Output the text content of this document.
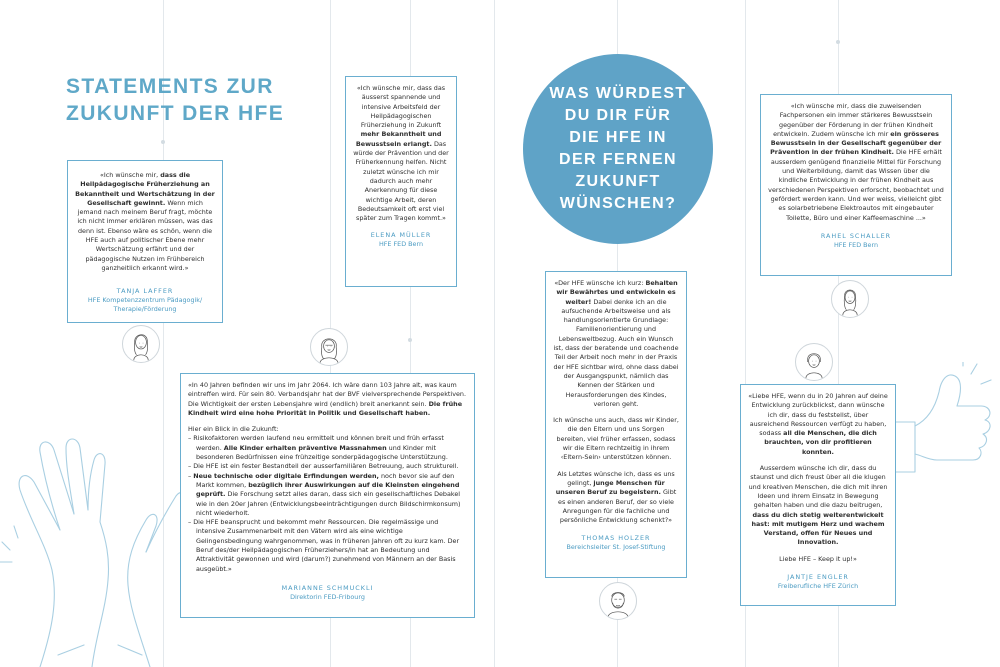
STATEMENTS ZUR ZUKUNFT DER HFE
WAS WÜRDEST DU DIR FÜR DIE HFE IN DER FERNEN ZUKUNFT WÜNSCHEN?

«Ich wünsche mir, dass die Heilpädagogische Früherziehung an Bekanntheit und Wertschätzung in der Gesellschaft gewinnt. Wenn mich jemand nach meinem Beruf fragt, möchte ich nicht immer erklären müssen, was das denn ist. Ebenso wäre es schön, wenn die HFE auch auf politischer Ebene mehr Wertschätzung erfährt und der pädagogische Nutzen im Frühbereich ganzheitlich erkannt wird.»

TANJA LAFFER
HFE Kompetenzzentrum Pädagogik/ Therapie/Förderung

«Ich wünsche mir, dass das äusserst spannende und intensive Arbeitsfeld der Heilpädagogischen Früherziehung in Zukunft mehr Bekanntheit und Bewusstsein erlangt. Das würde der Prävention und der Früherkennung helfen. Nicht zuletzt wünsche ich mir dadurch auch mehr Anerkennung für diese wichtige Arbeit, deren Bedeutsamkeit oft erst viel später zum Tragen kommt.»

ELENA MÜLLER
HFE FED Bern

«Ich wünsche mir, dass die zuweisenden Fachpersonen ein immer stärkeres Bewusstsein gegenüber der Förderung in der frühen Kindheit entwickeln. Zudem wünsche ich mir ein grösseres Bewusstsein in der Gesellschaft gegenüber der Prävention in der frühen Kindheit. Die HFE erhält ausserdem genügend finanzielle Mittel für Forschung und Weiterbildung, damit das Wissen über die kindliche Entwicklung in der frühen Kindheit aus verschiedenen Perspektiven erforscht, beobachtet und gefördert werden kann. Und wer weiss, vielleicht gibt es solarbetriebene Elektroautos mit eingebauter Toilette, Büro und einer Kaffeemaschine ...»

RAHEL SCHALLER
HFE FED Bern

«Der HFE wünsche ich kurz: Behalten wir Bewährtes und entwickeln es weiter! Dabei denke ich an die aufsuchende Arbeitsweise und als handlungsorientierte Grundlage: Familienorientierung und Lebensweltbezug. Auch ein Wunsch ist, dass der beratende und coachende Teil der Arbeit noch mehr in der Praxis der HFE sichtbar wird, ohne dass dabei der Ausgangspunkt, nämlich das Kennen der Stärken und Herausforderungen des Kindes, verloren geht.

Ich wünsche uns auch, dass wir Kinder, die den Eltern und uns Sorgen bereiten, viel früher erfassen, sodass wir die Eltern rechtzeitig in ihrem ‹Eltern-Sein› unterstützen können.

Als Letztes wünsche ich, dass es uns gelingt, junge Menschen für unseren Beruf zu begeistern. Gibt es einen anderen Beruf, der so viele Anregungen für die fachliche und persönliche Entwicklung schenkt?»

THOMAS HOLZER
Bereichsleiter St. Josef-Stiftung

«In 40 Jahren befinden wir uns im Jahr 2064. Ich wäre dann 103 Jahre alt, was kaum eintreffen wird. Für sein 80. Verbandsjahr hat der BVF vielversprechende Perspektiven. Die Wichtigkeit der ersten Lebensjahre wird (endlich) breit anerkannt sein. Die frühe Kindheit wird eine hohe Priorität in Politik und Gesellschaft haben.

Hier ein Blick in die Zukunft:

– Risikofaktoren werden laufend neu ermittelt und können breit und früh erfasst werden. Alle Kinder erhalten präventive Massnahmen und Kinder mit besonderen Bedürfnissen eine frühzeitige sonderpädagogische Unterstützung.
– Die HFE ist ein fester Bestandteil der ausserfamiliären Betreuung, auch strukturell.
– Neue technische oder digitale Erfindungen werden, noch bevor sie auf den Markt kommen, bezüglich ihrer Auswirkungen auf die Kleinsten eingehend geprüft. Die Forschung setzt alles daran, dass sich ein gesellschaftliches Debakel wie in den 20er Jahren (Entwicklungsbeeinträchtigungen durch Bildschirmkonsum) nicht wiederholt.
– Die HFE beansprucht und bekommt mehr Ressourcen. Die regelmässige und intensive Zusammenarbeit mit den Vätern wird als eine wichtige Gelingensbedingung wahrgenommen, was in früheren Jahren oft zu kurz kam. Der Beruf des/der Heilpädagogischen Früherziehers/in hat an Bedeutung und Attraktivität gewonnen und wird (darum?) zunehmend von Männern an der Basis ausgeübt.»
MARIANNE SCHMUCKLI
Direktorin FED-Fribourg

«Liebe HFE, wenn du in 20 Jahren auf deine Entwicklung zurückblickst, dann wünsche ich dir, dass du feststellst, über ausreichend Ressourcen verfügt zu haben, sodass all die Menschen, die dich brauchten, von dir profitieren konnten.

Ausserdem wünsche ich dir, dass du staunst und dich freust über all die klugen und kreativen Menschen, die dich mit ihren Ideen und ihrem Einsatz in Bewegung gehalten haben und die dazu beitrugen, dass du dich stetig weiterentwickelt hast: mit mutigem Herz und wachem Verstand, offen für Neues und Innovation.

Liebe HFE – Keep it up!»

JANTJE ENGLER
Freiberufliche HFE Zürich
